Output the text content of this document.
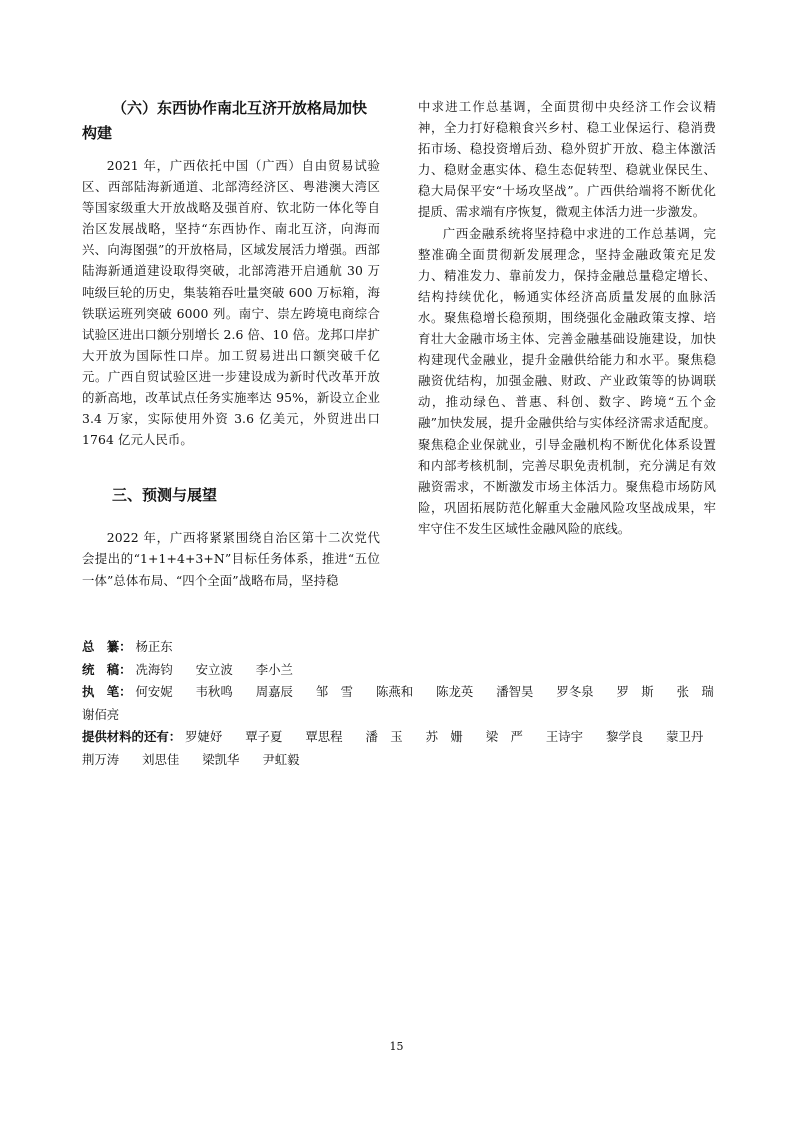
（六）东西协作南北互济开放格局加快构建

2021 年，广西依托中国（广西）自由贸易试验区、西部陆海新通道、北部湾经济区、粤港澳大湾区等国家级重大开放战略及强首府、钦北防一体化等自治区发展战略，坚持“东西协作、南北互济，向海而兴、向海图强”的开放格局，区域发展活力增强。西部陆海新通道建设取得突破，北部湾港开启通航 30 万吨级巨轮的历史，集装箱吞吐量突破 600 万标箱，海铁联运班列突破 6000 列。南宁、崇左跨境电商综合试验区进出口额分别增长 2.6 倍、10 倍。龙邦口岸扩大开放为国际性口岸。加工贸易进出口额突破千亿元。广西自贸试验区进一步建设成为新时代改革开放的新高地，改革试点任务实施率达 95%，新设立企业 3.4 万家，实际使用外资 3.6 亿美元，外贸进出口 1764 亿元人民币。

三、预测与展望

2022 年，广西将紧紧围绕自治区第十二次党代会提出的“1+1+4+3+N”目标任务体系，推进“五位一体”总体布局、“四个全面”战略布局，坚持稳

中求进工作总基调，全面贯彻中央经济工作会议精神，全力打好稳粮食兴乡村、稳工业保运行、稳消费拓市场、稳投资增后劲、稳外贸扩开放、稳主体激活力、稳财金惠实体、稳生态促转型、稳就业保民生、稳大局保平安“十场攻坚战”。广西供给端将不断优化提质、需求端有序恢复，微观主体活力进一步激发。

广西金融系统将坚持稳中求进的工作总基调，完整准确全面贯彻新发展理念，坚持金融政策充足发力、精准发力、靠前发力，保持金融总量稳定增长、结构持续优化，畅通实体经济高质量发展的血脉活水。聚焦稳增长稳预期，围绕强化金融政策支撑、培育壮大金融市场主体、完善金融基础设施建设，加快构建现代金融业，提升金融供给能力和水平。聚焦稳融资优结构，加强金融、财政、产业政策等的协调联动，推动绿色、普惠、科创、数字、跨境“五个金融”加快发展，提升金融供给与实体经济需求适配度。聚焦稳企业保就业，引导金融机构不断优化体系设置和内部考核机制，完善尽职免责机制，充分满足有效融资需求，不断激发市场主体活力。聚焦稳市场防风险，巩固拓展防范化解重大金融风险攻坚战成果，牢牢守住不发生区域性金融风险的底线。

总　纂： 杨正东

统　稿： 冼海钧 安立波 李小兰

执　笔： 何安妮 韦秋鸣 周嘉辰 邹　雪 陈燕和 陈龙英 潘智昊 罗冬泉 罗　斯 张　瑞

谢佰亮

提供材料的还有： 罗婕妤 覃子夏 覃思程 潘　玉 苏　姗 梁　严 王诗宇 黎学良 蒙卫丹

荆万涛 刘思佳 梁凯华 尹虹毅

15
